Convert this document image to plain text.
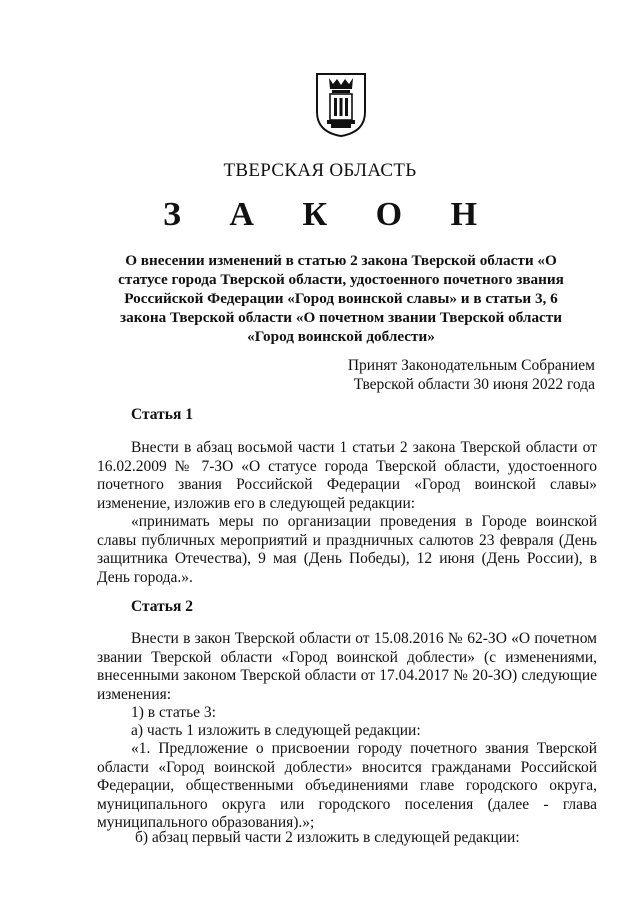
ТВЕРСКАЯ ОБЛАСТЬ
З А К О Н
О внесении изменений в статью 2 закона Тверской области «О статусе города Тверской области, удостоенного почетного звания Российской Федерации «Город воинской славы» и в статьи 3, 6 закона Тверской области «О почетном звании Тверской области «Город воинской доблести»
Принят Законодательным Собранием
Тверской области 30 июня 2022 года
Статья 1

Внести в абзац восьмой части 1 статьи 2 закона Тверской области от 16.02.2009 № 7-ЗО «О статусе города Тверской области, удостоенного почетного звания Российской Федерации «Город воинской славы» изменение, изложив его в следующей редакции:

«принимать меры по организации проведения в Городе воинской славы публичных мероприятий и праздничных салютов 23 февраля (День защитника Отечества), 9 мая (День Победы), 12 июня (День России), в День города.».

Статья 2

Внести в закон Тверской области от 15.08.2016 № 62-ЗО «О почетном звании Тверской области «Город воинской доблести» (с изменениями, внесенными законом Тверской области от 17.04.2017 № 20-ЗО) следующие изменения:

1) в статье 3:

а) часть 1 изложить в следующей редакции:

«1. Предложение о присвоении городу почетного звания Тверской области «Город воинской доблести» вносится гражданами Российской Федерации, общественными объединениями главе городского округа, муниципального округа или городского поселения (далее - глава муниципального образования).»;

б) абзац первый части 2 изложить в следующей редакции:
